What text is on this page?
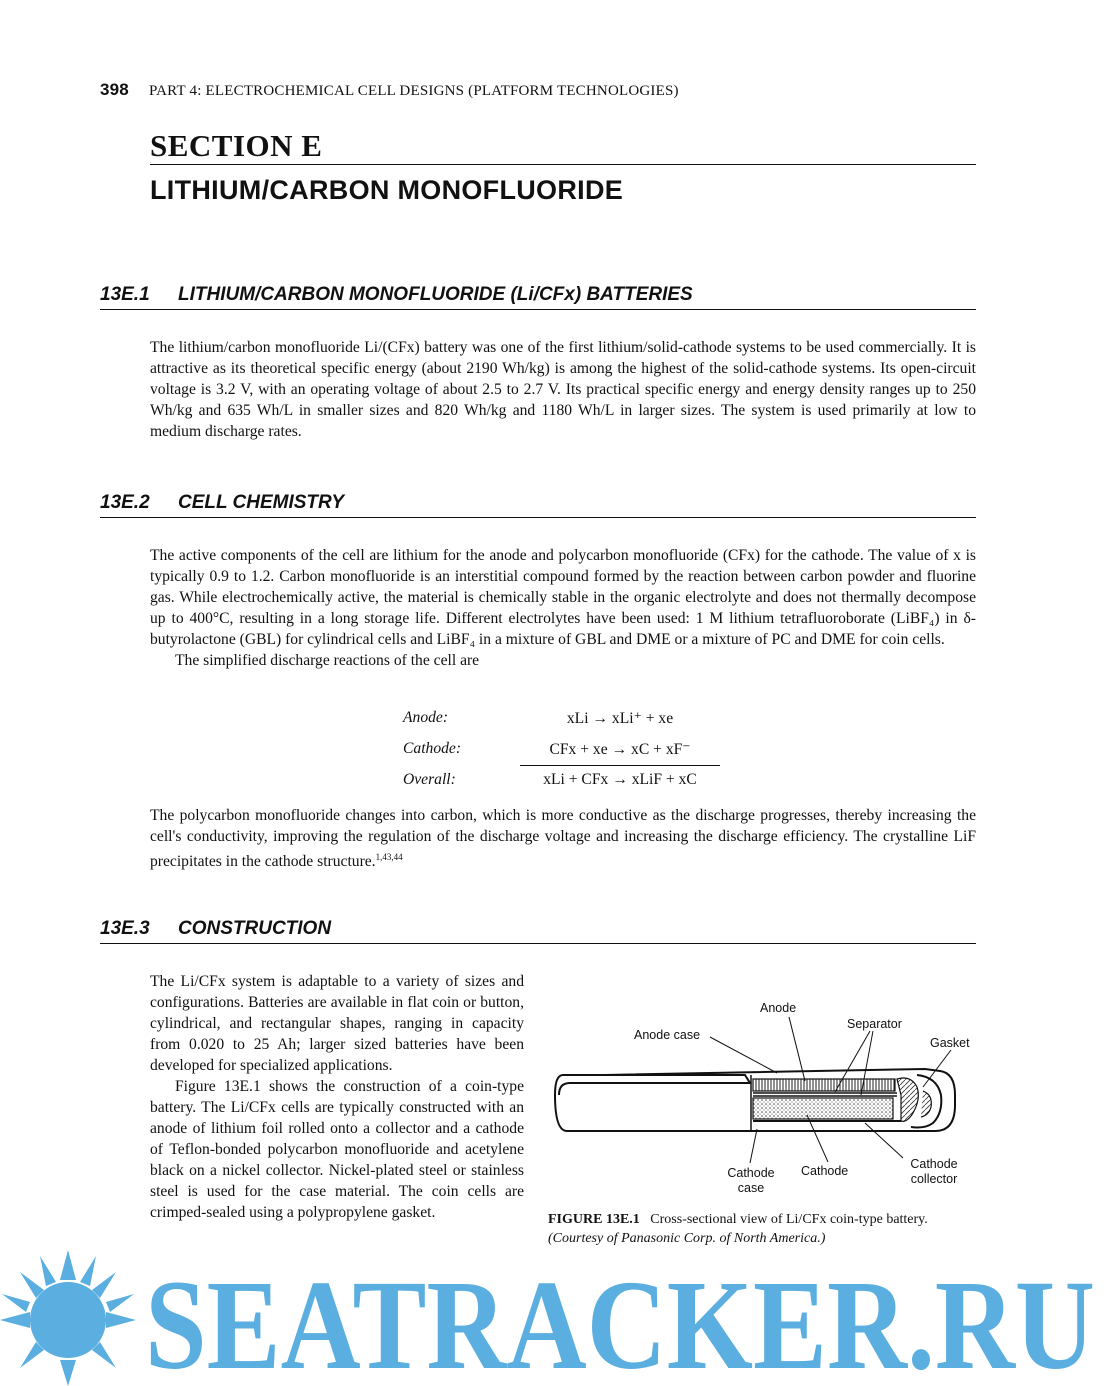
398 PART 4: ELECTROCHEMICAL CELL DESIGNS (PLATFORM TECHNOLOGIES)
SECTION E
LITHIUM/CARBON MONOFLUORIDE
13E.1 LITHIUM/CARBON MONOFLUORIDE (Li/CFx) BATTERIES

The lithium/carbon monofluoride Li/(CFx) battery was one of the first lithium/solid-cathode systems to be used commercially. It is attractive as its theoretical specific energy (about 2190 Wh/kg) is among the highest of the solid-cathode systems. Its open-circuit voltage is 3.2 V, with an operating voltage of about 2.5 to 2.7 V. Its practical specific energy and energy density ranges up to 250 Wh/kg and 635 Wh/L in smaller sizes and 820 Wh/kg and 1180 Wh/L in larger sizes. The system is used primarily at low to medium discharge rates.

13E.2 CELL CHEMISTRY

The active components of the cell are lithium for the anode and polycarbon monofluoride (CFx) for the cathode. The value of x is typically 0.9 to 1.2. Carbon monofluoride is an interstitial compound formed by the reaction between carbon powder and fluorine gas. While electrochemically active, the material is chemically stable in the organic electrolyte and does not thermally decompose up to 400°C, resulting in a long storage life. Different electrolytes have been used: 1 M lithium tetrafluoroborate (LiBF₄) in δ-butyrolactone (GBL) for cylindrical cells and LiBF₄ in a mixture of GBL and DME or a mixture of PC and DME for coin cells.

The simplified discharge reactions of the cell are

Anode:	xLi → xLi⁺ + xe
Cathode:	CFx + xe → xC + xF⁻
Overall:	xLi + CFx → xLiF + xC

The polycarbon monofluoride changes into carbon, which is more conductive as the discharge progresses, thereby increasing the cell's conductivity, improving the regulation of the discharge voltage and increasing the discharge efficiency. The crystalline LiF precipitates in the cathode structure.$^{1,43,44}$

13E.3 CONSTRUCTION

The Li/CFx system is adaptable to a variety of sizes and configurations. Batteries are available in flat coin or button, cylindrical, and rectangular shapes, ranging in capacity from 0.020 to 25 Ah; larger sized batteries have been developed for specialized applications.

Figure 13E.1 shows the construction of a coin-type battery. The Li/CFx cells are typically constructed with an anode of lithium foil rolled onto a collector and a cathode of Teflon-bonded polycarbon monofluoride and acetylene black on a nickel collector. Nickel-plated steel or stainless steel is used for the case material. The coin cells are crimped-sealed using a polypropylene gasket.

Anode
Anode case
Separator
Gasket
Cathode case
Cathode	Cathode collector
FIGURE 13E.1 Cross-sectional view of Li/CFx coin-type battery. (Courtesy of Panasonic Corp. of North America.)
SEATRACKER.RU
